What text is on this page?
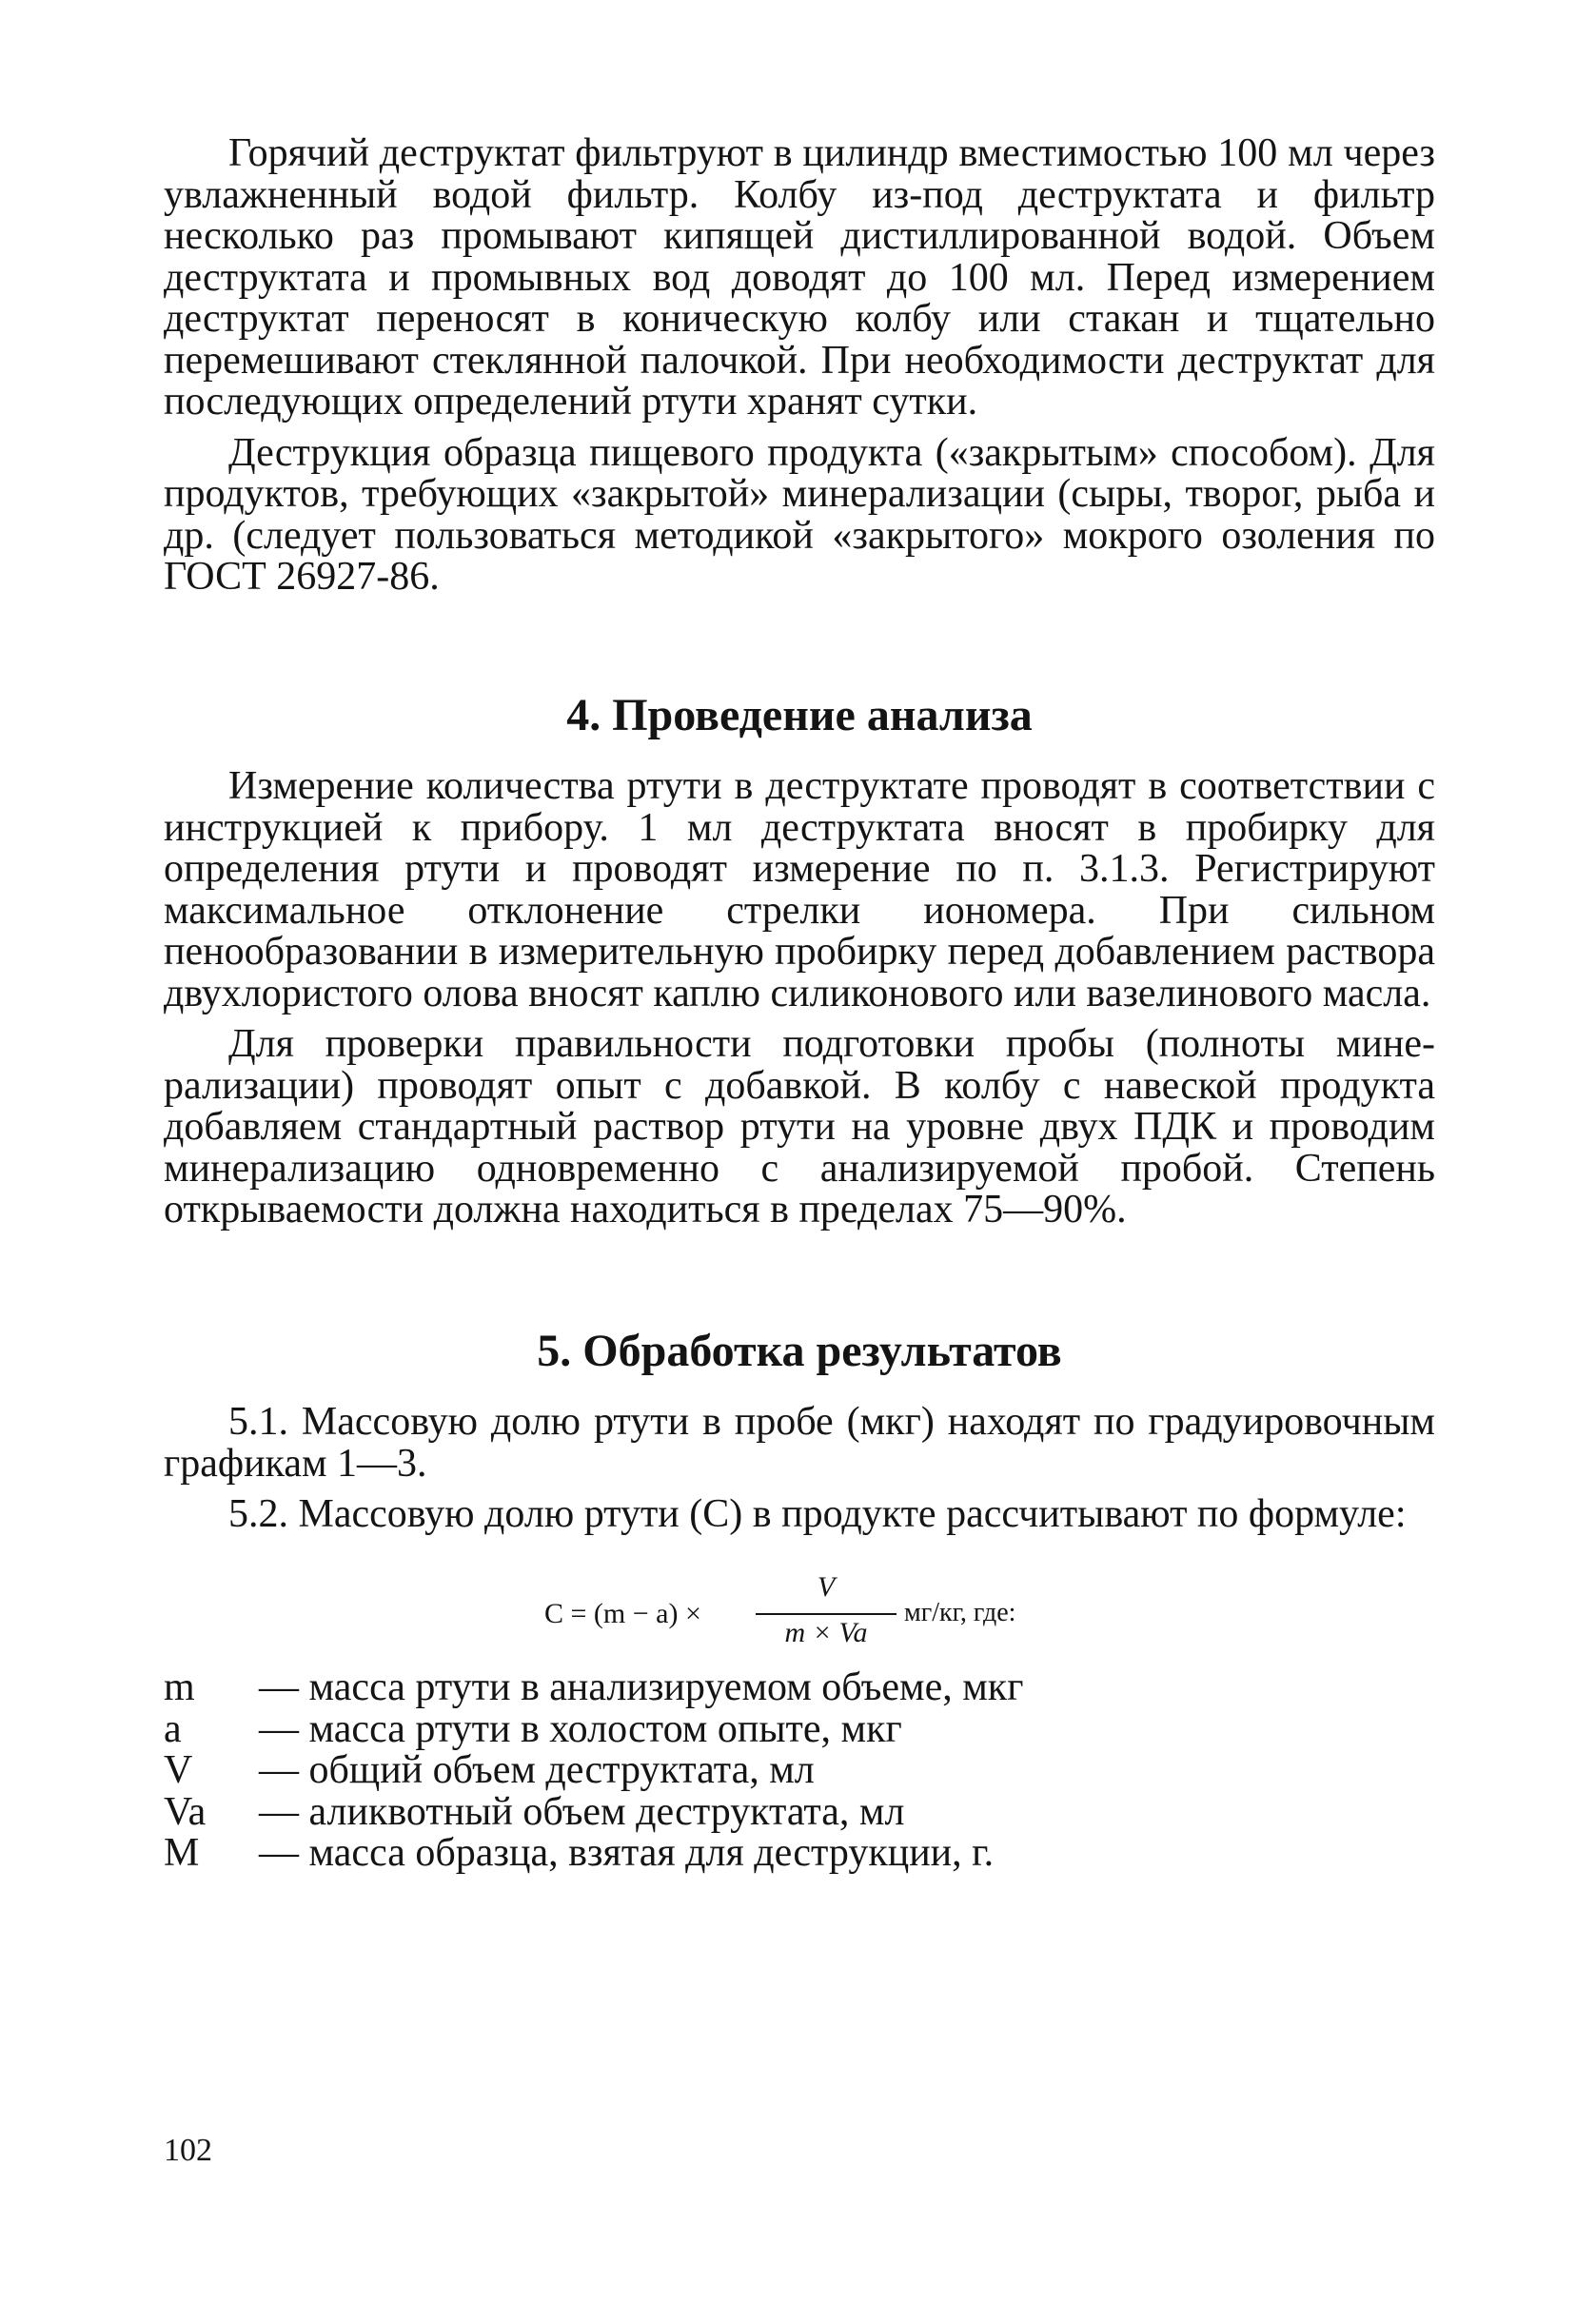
Горячий деструктат фильтруют в цилиндр вместимостью 100 мл через увлажненный водой фильтр. Колбу из-под деструктата и фильтр несколько раз промывают кипящей дистиллированной водой. Объем деструктата и промывных вод доводят до 100 мл. Перед измерением деструктат переносят в коническую колбу или стакан и тщательно перемешивают стеклянной палочкой. При необходимости деструктат для последующих определений ртути хранят сутки.

Деструкция образца пищевого продукта («закрытым» способом). Для продуктов, требующих «закрытой» минерализации (сыры, творог, рыба и др. (следует пользоваться методикой «закрытого» мокрого озоления по ГОСТ 26927-86.

4. Проведение анализа

Измерение количества ртути в деструктате проводят в соответствии с инструкцией к прибору. 1 мл деструктата вносят в пробирку для определения ртути и проводят измерение по п. 3.1.3. Регистрируют максимальное отклонение стрелки иономера. При сильном пенообразовании в измерительную пробирку перед добавлением раствора двухлористого олова вносят каплю силиконового или вазелинового масла.

Для проверки правильности подготовки пробы (полноты минерализации) проводят опыт с добавкой. В колбу с навеской продукта добавляем стандартный раствор ртути на уровне двух ПДК и проводим минерализацию одновременно с анализируемой пробой. Степень открываемости должна находиться в пределах 75—90%.

5. Обработка результатов

5.1. Массовую долю ртути в пробе (мкг) находят по градуировочным графикам 1—3.

5.2. Массовую долю ртути (С) в продукте рассчитывают по формуле:

C = (m − a) ×
V
m × Va
мг/кг, где:
m — масса ртути в анализируемом объеме, мкг
a — масса ртути в холостом опыте, мкг
V — общий объем деструктата, мл
Va — аликвотный объем деструктата, мл
M — масса образца, взятая для деструкции, г.
102
